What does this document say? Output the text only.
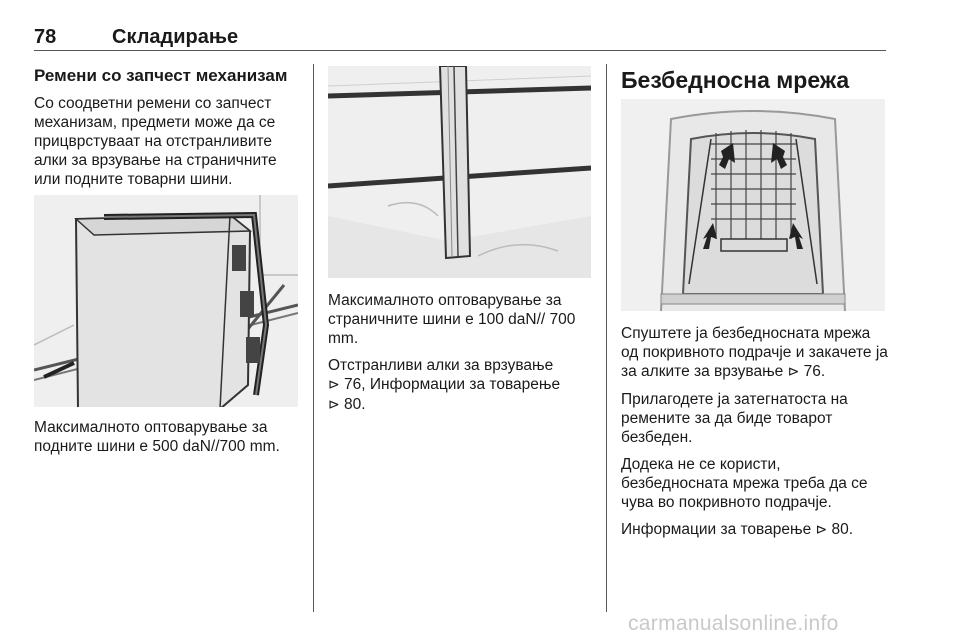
78	Складирање
Ремени со запчест механизам
Со соодветни ремени со запчест механизам, предмети може да се прицврстуваат на отстранливите алки за врзување на страничните или подните товарни шини.
Максималното оптоварување за подните шини е 500 daN//700 mm.
Максималното оптоварување за страничните шини е 100 daN// 700 mm.
Отстранливи алки за врзување
⊳ 76, Информации за товарење
⊳ 80.
Безбедносна мрежа
Спуштете ја безбедносната мрежа од покривното подрачје и закачете ја за алките за врзување ⊳ 76.
Прилагодете ја затегнатоста на ремените за да биде товарот безбеден.
Додека не се користи, безбедносната мрежа треба да се чува во покривното подрачје.
Информации за товарење ⊳ 80.
carmanualsonline.info
